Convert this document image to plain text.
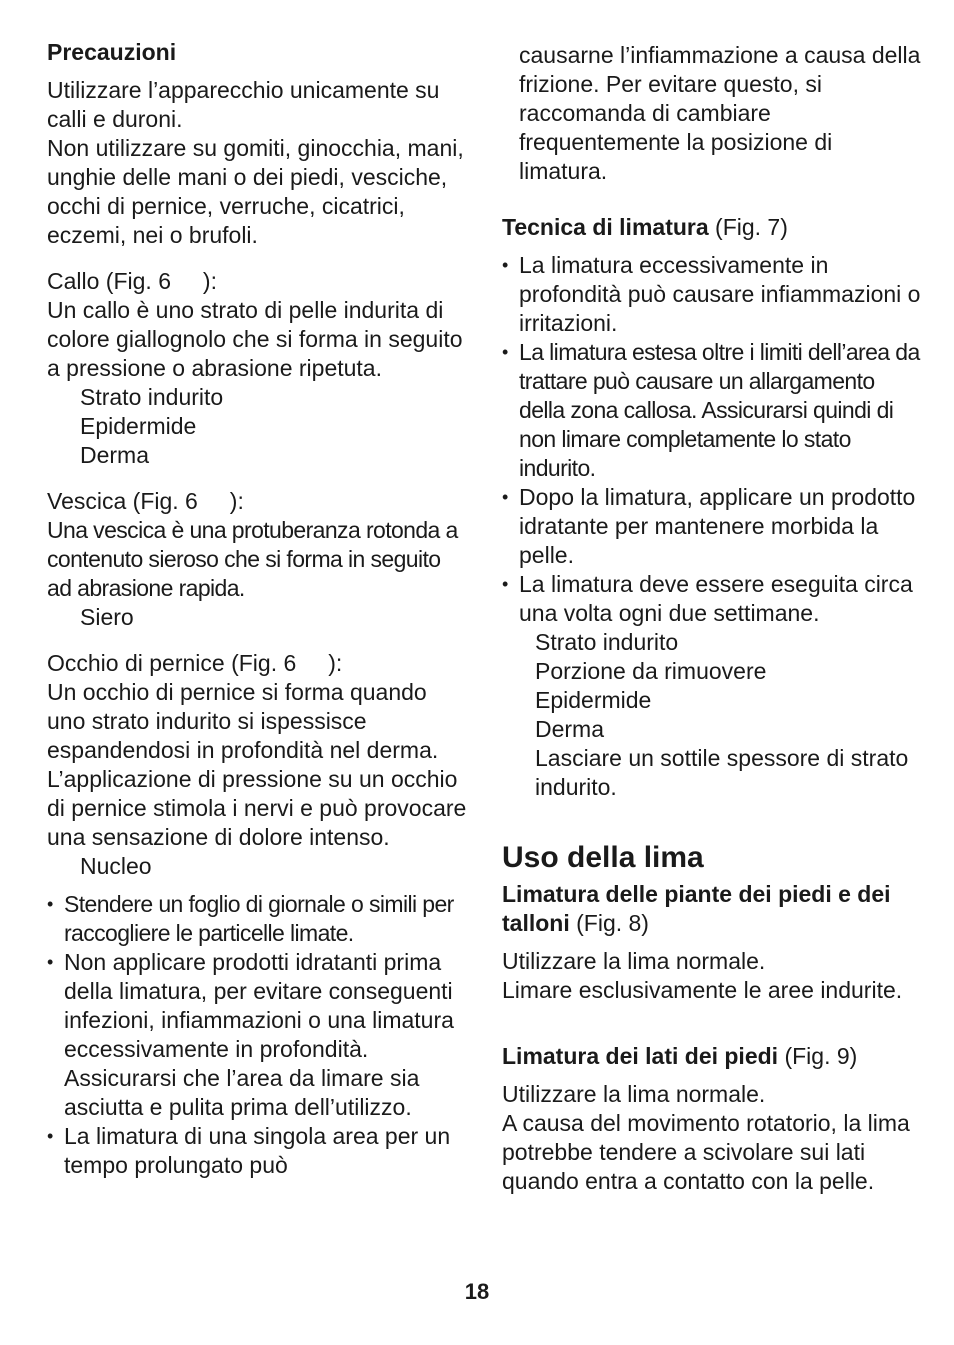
Precauzioni

Utilizzare l’apparecchio unicamente su calli e duroni.

Non utilizzare su gomiti, ginocchia, mani, unghie delle mani o dei piedi, vesciche, occhi di pernice, verruche, cicatrici, eczemi, nei o brufoli.

Callo (Fig. 6     ):

Un callo è uno strato di pelle indurita di colore giallognolo che si forma in seguito a pressione o abrasione ripetuta.

Strato indurito
Epidermide
Derma

Vescica (Fig. 6     ):

Una vescica è una protuberanza rotonda a contenuto sieroso che si forma in seguito ad abrasione rapida.

Siero

Occhio di pernice (Fig. 6     ):

Un occhio di pernice si forma quando uno strato indurito si ispessisce espandendosi in profondità nel derma. L’applicazione di pressione su un occhio di pernice stimola i nervi e può provocare una sensazione di dolore intenso.

Nucleo
• Stendere un foglio di giornale o simili per raccogliere le particelle limate.
• Non applicare prodotti idratanti prima della limatura, per evitare conseguenti infezioni, infiammazioni o una limatura eccessivamente in profondità. Assicurarsi che l’area da limare sia asciutta e pulita prima dell’utilizzo.
• La limatura di una singola area per un tempo prolungato può

causarne l’infiammazione a causa della frizione. Per evitare questo, si raccomanda di cambiare frequentemente la posizione di limatura.

Tecnica di limatura (Fig. 7)

• La limatura eccessivamente in profondità può causare infiammazioni o irritazioni.
• La limatura estesa oltre i limiti dell’area da trattare può causare un allargamento della zona callosa. Assicurarsi quindi di non limare completamente lo stato indurito.
• Dopo la limatura, applicare un prodotto idratante per mantenere morbida la pelle.
• La limatura deve essere eseguita circa una volta ogni due settimane.
Strato indurito
Porzione da rimuovere
Epidermide
Derma
Lasciare un sottile spessore di strato indurito.

Uso della lima

Limatura delle piante dei piedi e dei talloni (Fig. 8)

Utilizzare la lima normale.

Limare esclusivamente le aree indurite.

Limatura dei lati dei piedi (Fig. 9)

Utilizzare la lima normale.

A causa del movimento rotatorio, la lima potrebbe tendere a scivolare sui lati quando entra a contatto con la pelle.

18
